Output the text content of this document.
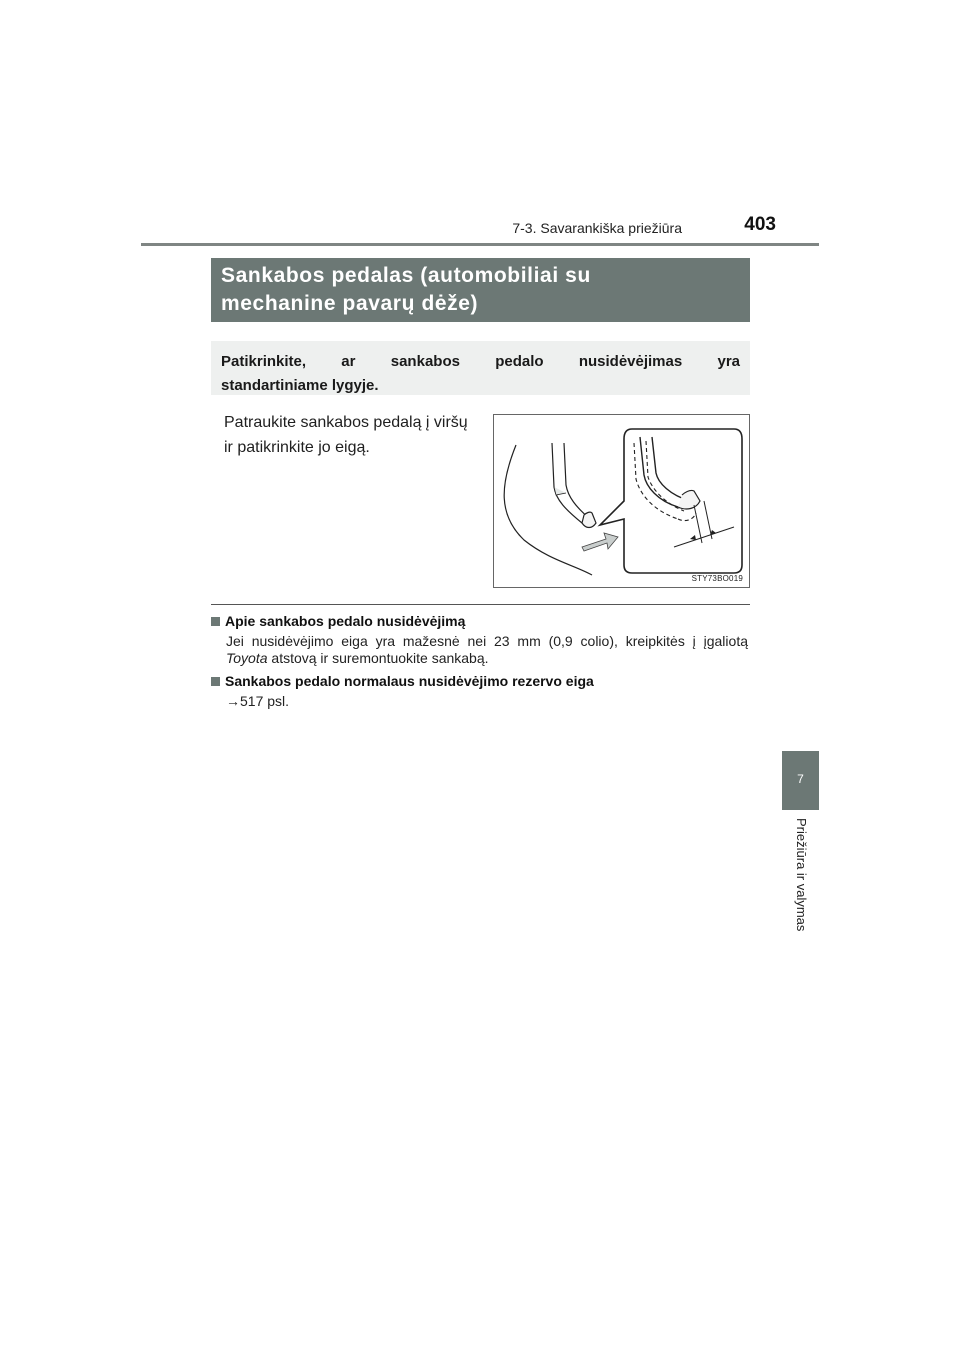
7-3. Savarankiška priežiūra	403
Sankabos pedalas (automobiliai su
mechanine pavarų dėže)
Patikrinkite, ar sankabos pedalo nusidėvėjimas yra
standartiniame lygyje.
Patraukite sankabos pedalą į viršų
ir patikrinkite jo eigą.
STY73BO019
Apie sankabos pedalo nusidėvėjimą
Jei nusidėvėjimo eiga yra mažesnė nei 23 mm (0,9 colio), kreipkitės į įgaliotą
Toyota atstovą ir suremontuokite sankabą.
Sankabos pedalo normalaus nusidėvėjimo rezervo eiga
→517 psl.
7
Priežiūra ir valymas
